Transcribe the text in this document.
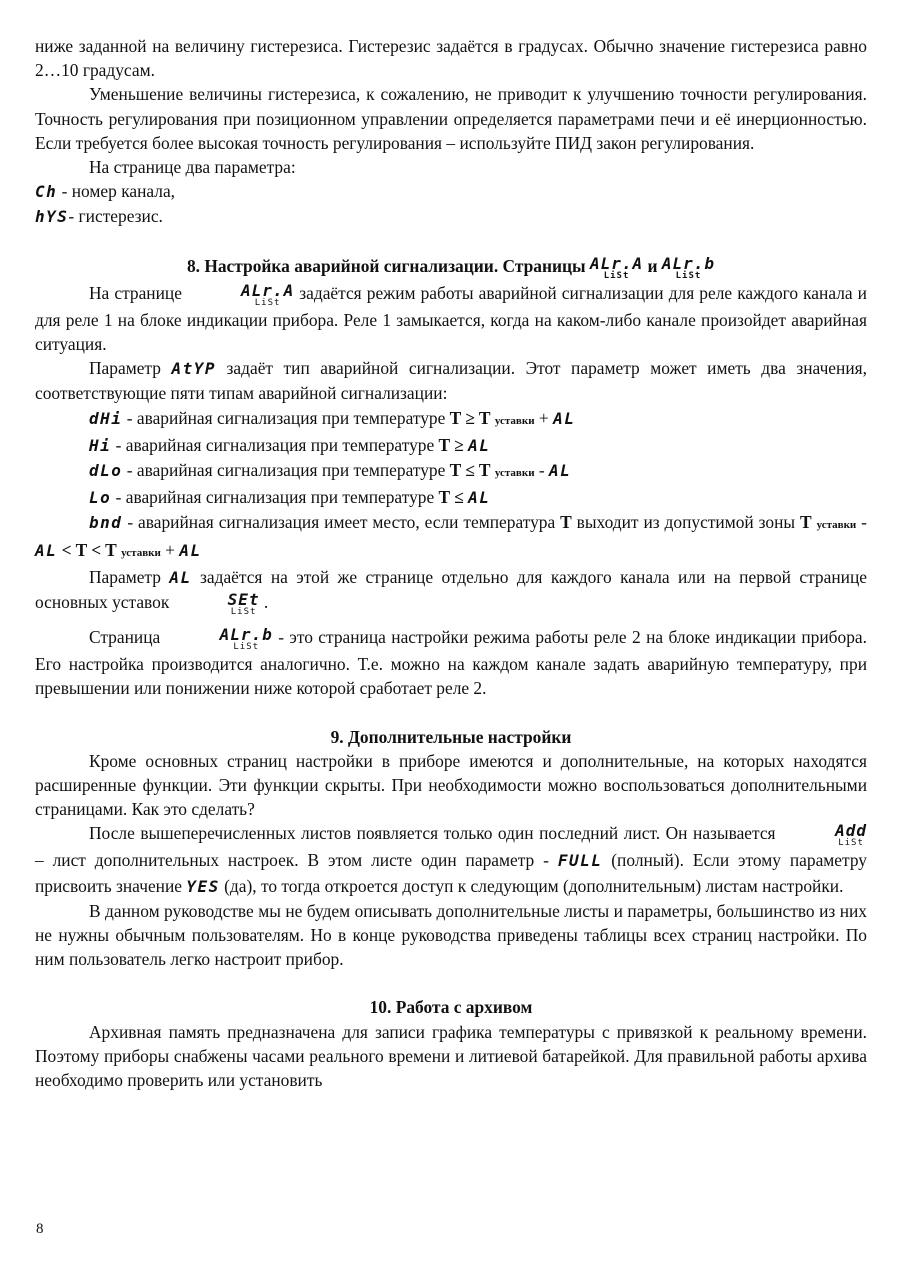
ниже заданной на величину гистерезиса. Гистерезис задаётся в градусах. Обычно значение гистерезиса равно 2…10 градусам.

Уменьшение величины гистерезиса, к сожалению, не приводит к улучшению точности регулирования. Точность регулирования при позиционном управлении определяется параметрами печи и её инерционностью. Если требуется более высокая точность регулирования – используйте ПИД закон регулирования.

На странице два параметра:

Ch - номер канала,

hYS- гистерезис.

8. Настройка аварийной сигнализации. Страницы ALr.A
LiSt
и ALr.b
LiSt

На странице	ALr.A
LiSt
задаётся режим работы аварийной сигнализации для реле каждого канала и для реле 1 на блоке индикации прибора. Реле 1 замыкается, когда на каком-либо канале произойдет аварийная ситуация.

Параметр AtYP задаёт тип аварийной сигнализации. Этот параметр может иметь два значения, соответствующие пяти типам аварийной сигнализации:

dHi - аварийная сигнализация при температуре T ≥ T уставки + AL

Hi - аварийная сигнализация при температуре T ≥ AL

dLo - аварийная сигнализация при температуре T ≤ T уставки - AL

Lo - аварийная сигнализация при температуре T ≤ AL

bnd - аварийная сигнализация имеет место, если температура T выходит из допустимой зоны T уставки - AL < T < T уставки + AL

Параметр AL задаётся на этой же странице отдельно для каждого канала или на первой странице основных уставок	SEt
LiSt
.

Страница	ALr.b
LiSt
- это страница настройки режима работы реле 2 на блоке индикации прибора. Его настройка производится аналогично. Т.е. можно на каждом канале задать аварийную температуру, при превышении или понижении ниже которой сработает реле 2.

9. Дополнительные настройки

Кроме основных страниц настройки в приборе имеются и дополнительные, на которых находятся расширенные функции. Эти функции скрыты. При необходимости можно воспользоваться дополнительными страницами. Как это сделать?

После вышеперечисленных листов появляется только один последний лист. Он называется	Add
LiSt
– лист дополнительных настроек. В этом листе один параметр - FULL (полный). Если этому параметру присвоить значение YES (да), то тогда откроется доступ к следующим (дополнительным) листам настройки.

В данном руководстве мы не будем описывать дополнительные листы и параметры, большинство из них не нужны обычным пользователям. Но в конце руководства приведены таблицы всех страниц настройки. По ним пользователь легко настроит прибор.

10. Работа с архивом

Архивная память предназначена для записи графика температуры с привязкой к реальному времени. Поэтому приборы снабжены часами реального времени и литиевой батарейкой. Для правильной работы архива необходимо проверить или установить

8
